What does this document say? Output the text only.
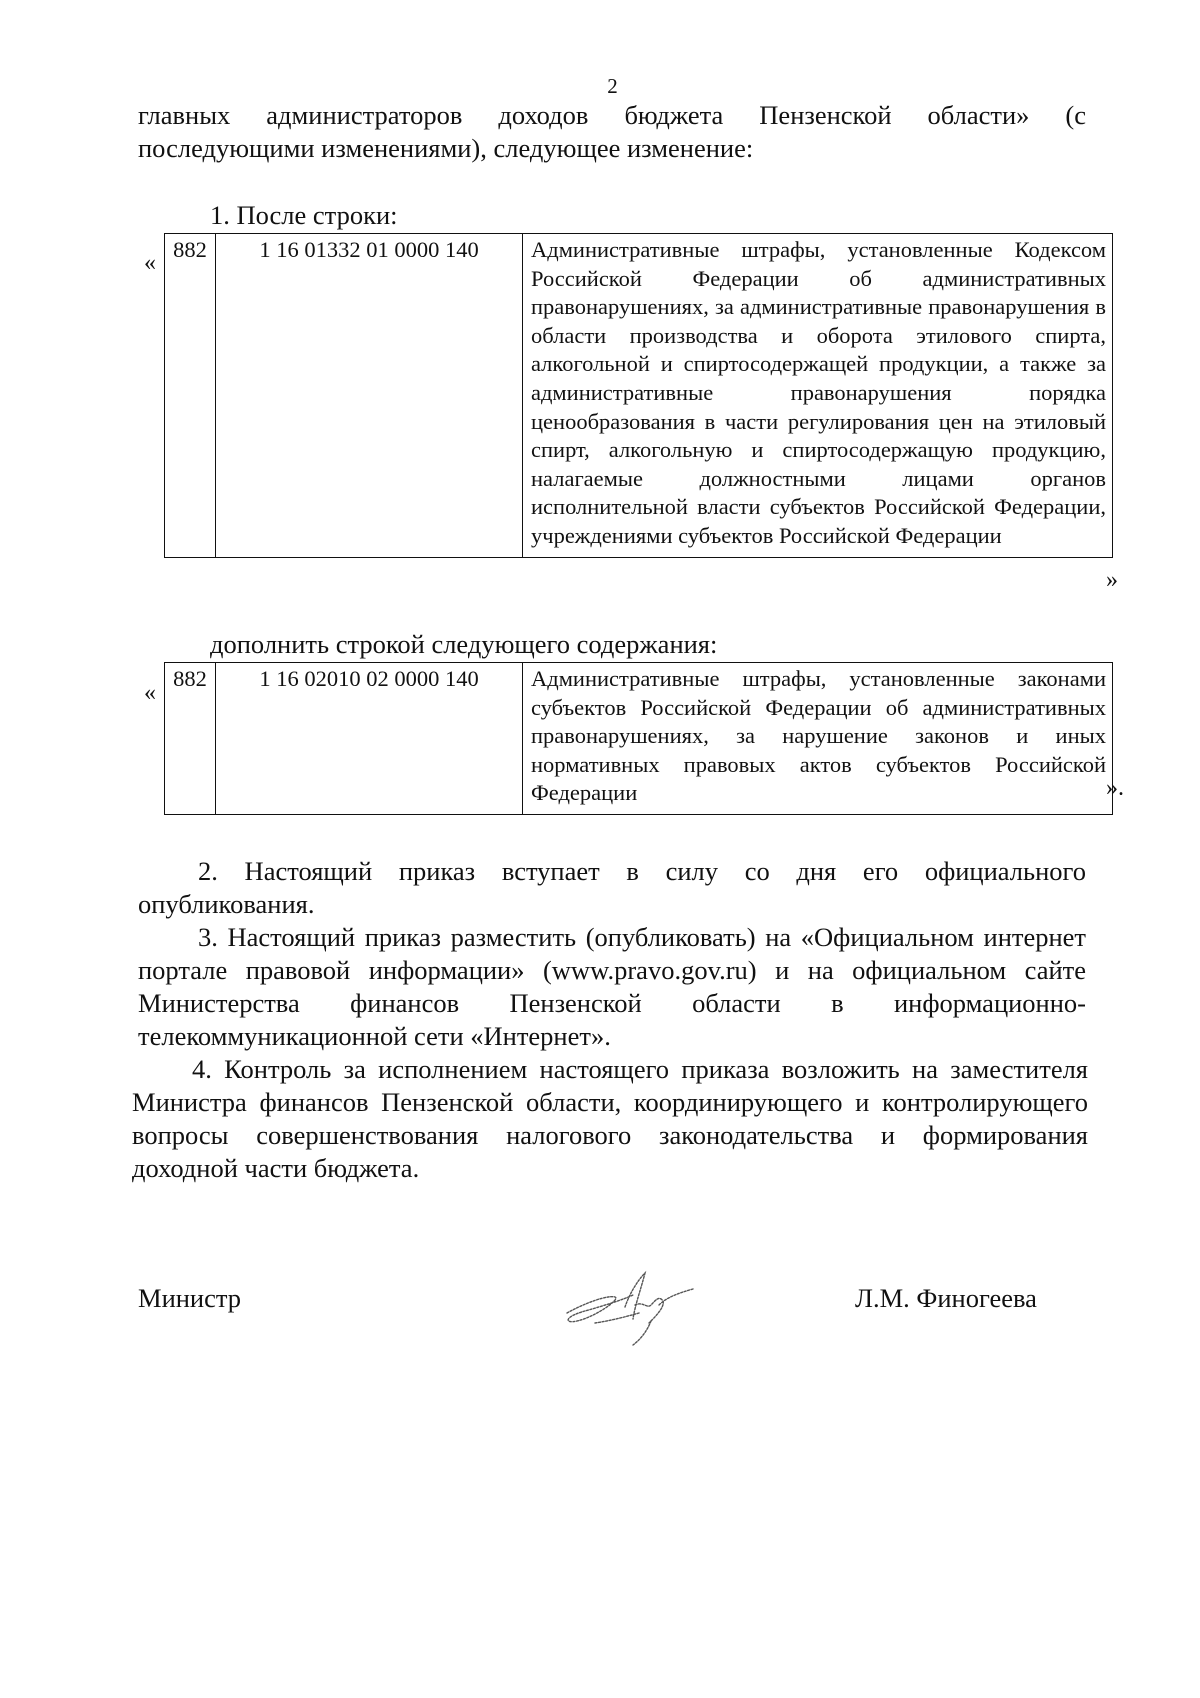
2
главных администраторов доходов бюджета Пензенской области» (с последующими изменениями), следующее изменение:
1. После строки:
«
882	1 16 01332 01 0000 140	Административные штрафы, установленные Кодексом Российской Федерации об административных правонарушениях, за административные правонарушения в области производства и оборота этилового спирта, алкогольной и спиртосодержащей продукции, а также за административные правонарушения порядка ценообразования в части регулирования цен на этиловый спирт, алкогольную и спиртосодержащую продукцию, налагаемые должностными лицами органов исполнительной власти субъектов Российской Федерации, учреждениями субъектов Российской Федерации
»
дополнить строкой следующего содержания:
«
882	1 16 02010 02 0000 140	Административные штрафы, установленные законами субъектов Российской Федерации об административных правонарушениях, за нарушение законов и иных нормативных правовых актов субъектов Российской Федерации	».
2. Настоящий приказ вступает в силу со дня его официального опубликования.
3. Настоящий приказ разместить (опубликовать) на «Официальном интернет портале правовой информации» (www.pravo.gov.ru) и на официальном сайте Министерства финансов Пензенской области в информационно-телекоммуникационной сети «Интернет».
4. Контроль за исполнением настоящего приказа возложить на заместителя Министра финансов Пензенской области, координирующего и контролирующего вопросы совершенствования налогового законодательства и формирования доходной части бюджета.
Министр	Л.М. Финогеева
